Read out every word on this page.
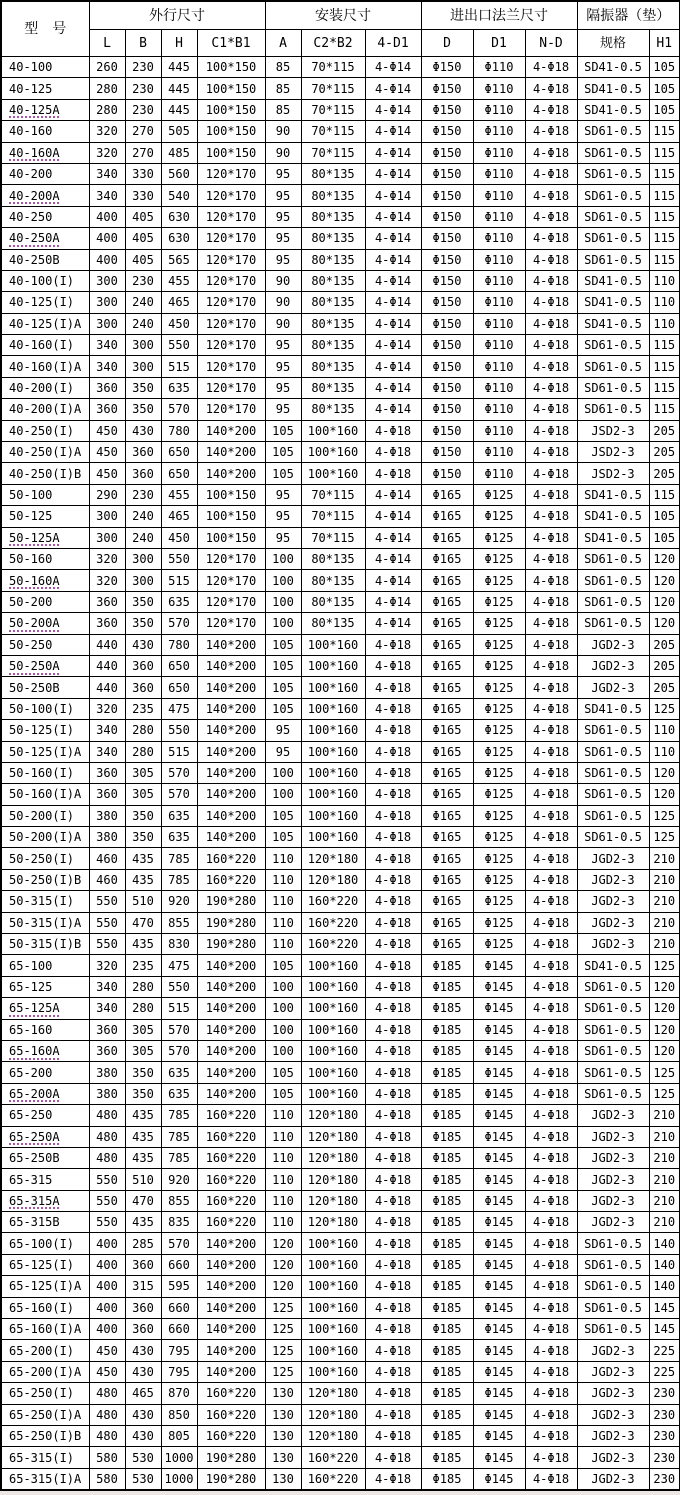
型　号	外行尺寸				安装尺寸			进出口法兰尺寸			隔振器（垫）	
	L	B	H	C1*B1	A	C2*B2	4-D1	D	D1	N-D	规格	H1
40-100	260	230	445	100*150	85	70*115	4-Φ14	Φ150	Φ110	4-Φ18	SD41-0.5	105
40-125	280	230	445	100*150	85	70*115	4-Φ14	Φ150	Φ110	4-Φ18	SD41-0.5	105
40-125A	280	230	445	100*150	85	70*115	4-Φ14	Φ150	Φ110	4-Φ18	SD41-0.5	105
40-160	320	270	505	100*150	90	70*115	4-Φ14	Φ150	Φ110	4-Φ18	SD61-0.5	115
40-160A	320	270	485	100*150	90	70*115	4-Φ14	Φ150	Φ110	4-Φ18	SD61-0.5	115
40-200	340	330	560	120*170	95	80*135	4-Φ14	Φ150	Φ110	4-Φ18	SD61-0.5	115
40-200A	340	330	540	120*170	95	80*135	4-Φ14	Φ150	Φ110	4-Φ18	SD61-0.5	115
40-250	400	405	630	120*170	95	80*135	4-Φ14	Φ150	Φ110	4-Φ18	SD61-0.5	115
40-250A	400	405	630	120*170	95	80*135	4-Φ14	Φ150	Φ110	4-Φ18	SD61-0.5	115
40-250B	400	405	565	120*170	95	80*135	4-Φ14	Φ150	Φ110	4-Φ18	SD61-0.5	115
40-100(I)	300	230	455	120*170	90	80*135	4-Φ14	Φ150	Φ110	4-Φ18	SD41-0.5	110
40-125(I)	300	240	465	120*170	90	80*135	4-Φ14	Φ150	Φ110	4-Φ18	SD41-0.5	110
40-125(I)A	300	240	450	120*170	90	80*135	4-Φ14	Φ150	Φ110	4-Φ18	SD41-0.5	110
40-160(I)	340	300	550	120*170	95	80*135	4-Φ14	Φ150	Φ110	4-Φ18	SD61-0.5	115
40-160(I)A	340	300	515	120*170	95	80*135	4-Φ14	Φ150	Φ110	4-Φ18	SD61-0.5	115
40-200(I)	360	350	635	120*170	95	80*135	4-Φ14	Φ150	Φ110	4-Φ18	SD61-0.5	115
40-200(I)A	360	350	570	120*170	95	80*135	4-Φ14	Φ150	Φ110	4-Φ18	SD61-0.5	115
40-250(I)	450	430	780	140*200	105	100*160	4-Φ18	Φ150	Φ110	4-Φ18	JSD2-3	205
40-250(I)A	450	360	650	140*200	105	100*160	4-Φ18	Φ150	Φ110	4-Φ18	JSD2-3	205
40-250(I)B	450	360	650	140*200	105	100*160	4-Φ18	Φ150	Φ110	4-Φ18	JSD2-3	205
50-100	290	230	455	100*150	95	70*115	4-Φ14	Φ165	Φ125	4-Φ18	SD41-0.5	115
50-125	300	240	465	100*150	95	70*115	4-Φ14	Φ165	Φ125	4-Φ18	SD41-0.5	105
50-125A	300	240	450	100*150	95	70*115	4-Φ14	Φ165	Φ125	4-Φ18	SD41-0.5	105
50-160	320	300	550	120*170	100	80*135	4-Φ14	Φ165	Φ125	4-Φ18	SD61-0.5	120
50-160A	320	300	515	120*170	100	80*135	4-Φ14	Φ165	Φ125	4-Φ18	SD61-0.5	120
50-200	360	350	635	120*170	100	80*135	4-Φ14	Φ165	Φ125	4-Φ18	SD61-0.5	120
50-200A	360	350	570	120*170	100	80*135	4-Φ14	Φ165	Φ125	4-Φ18	SD61-0.5	120
50-250	440	430	780	140*200	105	100*160	4-Φ18	Φ165	Φ125	4-Φ18	JGD2-3	205
50-250A	440	360	650	140*200	105	100*160	4-Φ18	Φ165	Φ125	4-Φ18	JGD2-3	205
50-250B	440	360	650	140*200	105	100*160	4-Φ18	Φ165	Φ125	4-Φ18	JGD2-3	205
50-100(I)	320	235	475	140*200	105	100*160	4-Φ18	Φ165	Φ125	4-Φ18	SD41-0.5	125
50-125(I)	340	280	550	140*200	95	100*160	4-Φ18	Φ165	Φ125	4-Φ18	SD61-0.5	110
50-125(I)A	340	280	515	140*200	95	100*160	4-Φ18	Φ165	Φ125	4-Φ18	SD61-0.5	110
50-160(I)	360	305	570	140*200	100	100*160	4-Φ18	Φ165	Φ125	4-Φ18	SD61-0.5	120
50-160(I)A	360	305	570	140*200	100	100*160	4-Φ18	Φ165	Φ125	4-Φ18	SD61-0.5	120
50-200(I)	380	350	635	140*200	105	100*160	4-Φ18	Φ165	Φ125	4-Φ18	SD61-0.5	125
50-200(I)A	380	350	635	140*200	105	100*160	4-Φ18	Φ165	Φ125	4-Φ18	SD61-0.5	125
50-250(I)	460	435	785	160*220	110	120*180	4-Φ18	Φ165	Φ125	4-Φ18	JGD2-3	210
50-250(I)B	460	435	785	160*220	110	120*180	4-Φ18	Φ165	Φ125	4-Φ18	JGD2-3	210
50-315(I)	550	510	920	190*280	110	160*220	4-Φ18	Φ165	Φ125	4-Φ18	JGD2-3	210
50-315(I)A	550	470	855	190*280	110	160*220	4-Φ18	Φ165	Φ125	4-Φ18	JGD2-3	210
50-315(I)B	550	435	830	190*280	110	160*220	4-Φ18	Φ165	Φ125	4-Φ18	JGD2-3	210
65-100	320	235	475	140*200	105	100*160	4-Φ18	Φ185	Φ145	4-Φ18	SD41-0.5	125
65-125	340	280	550	140*200	100	100*160	4-Φ18	Φ185	Φ145	4-Φ18	SD61-0.5	120
65-125A	340	280	515	140*200	100	100*160	4-Φ18	Φ185	Φ145	4-Φ18	SD61-0.5	120
65-160	360	305	570	140*200	100	100*160	4-Φ18	Φ185	Φ145	4-Φ18	SD61-0.5	120
65-160A	360	305	570	140*200	100	100*160	4-Φ18	Φ185	Φ145	4-Φ18	SD61-0.5	120
65-200	380	350	635	140*200	105	100*160	4-Φ18	Φ185	Φ145	4-Φ18	SD61-0.5	125
65-200A	380	350	635	140*200	105	100*160	4-Φ18	Φ185	Φ145	4-Φ18	SD61-0.5	125
65-250	480	435	785	160*220	110	120*180	4-Φ18	Φ185	Φ145	4-Φ18	JGD2-3	210
65-250A	480	435	785	160*220	110	120*180	4-Φ18	Φ185	Φ145	4-Φ18	JGD2-3	210
65-250B	480	435	785	160*220	110	120*180	4-Φ18	Φ185	Φ145	4-Φ18	JGD2-3	210
65-315	550	510	920	160*220	110	120*180	4-Φ18	Φ185	Φ145	4-Φ18	JGD2-3	210
65-315A	550	470	855	160*220	110	120*180	4-Φ18	Φ185	Φ145	4-Φ18	JGD2-3	210
65-315B	550	435	835	160*220	110	120*180	4-Φ18	Φ185	Φ145	4-Φ18	JGD2-3	210
65-100(I)	400	285	570	140*200	120	100*160	4-Φ18	Φ185	Φ145	4-Φ18	SD61-0.5	140
65-125(I)	400	360	660	140*200	120	100*160	4-Φ18	Φ185	Φ145	4-Φ18	SD61-0.5	140
65-125(I)A	400	315	595	140*200	120	100*160	4-Φ18	Φ185	Φ145	4-Φ18	SD61-0.5	140
65-160(I)	400	360	660	140*200	125	100*160	4-Φ18	Φ185	Φ145	4-Φ18	SD61-0.5	145
65-160(I)A	400	360	660	140*200	125	100*160	4-Φ18	Φ185	Φ145	4-Φ18	SD61-0.5	145
65-200(I)	450	430	795	140*200	125	100*160	4-Φ18	Φ185	Φ145	4-Φ18	JGD2-3	225
65-200(I)A	450	430	795	140*200	125	100*160	4-Φ18	Φ185	Φ145	4-Φ18	JGD2-3	225
65-250(I)	480	465	870	160*220	130	120*180	4-Φ18	Φ185	Φ145	4-Φ18	JGD2-3	230
65-250(I)A	480	430	850	160*220	130	120*180	4-Φ18	Φ185	Φ145	4-Φ18	JGD2-3	230
65-250(I)B	480	430	805	160*220	130	120*180	4-Φ18	Φ185	Φ145	4-Φ18	JGD2-3	230
65-315(I)	580	530	1000	190*280	130	160*220	4-Φ18	Φ185	Φ145	4-Φ18	JGD2-3	230
65-315(I)A	580	530	1000	190*280	130	160*220	4-Φ18	Φ185	Φ145	4-Φ18	JGD2-3	230
